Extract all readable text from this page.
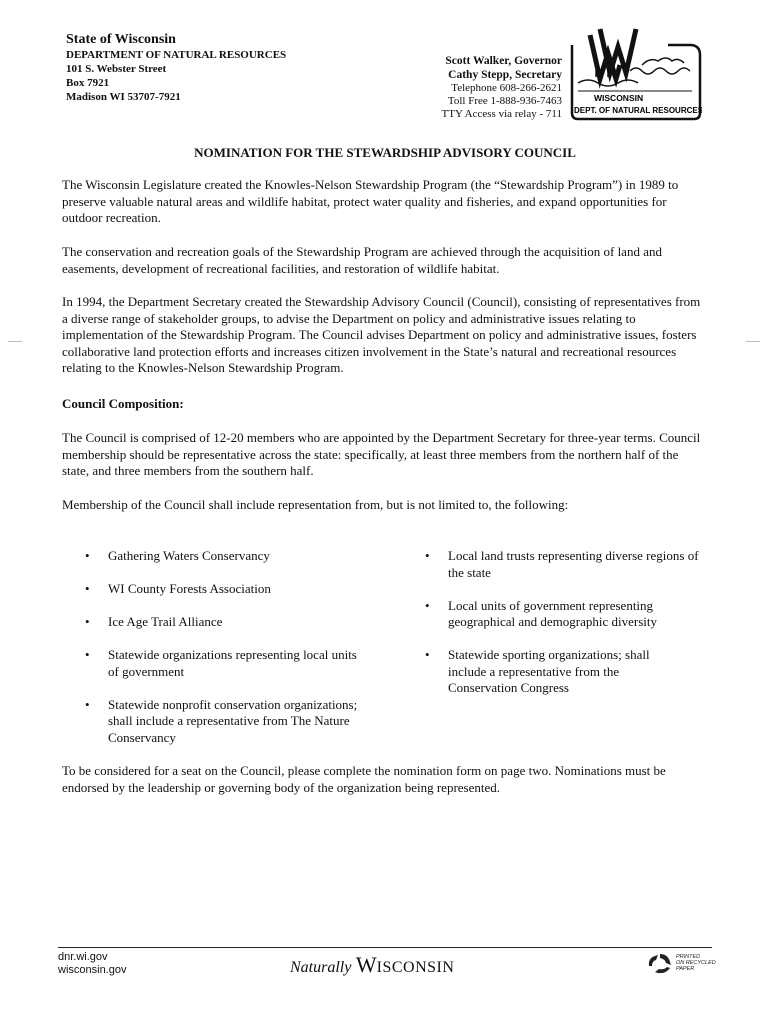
State of Wisconsin
DEPARTMENT OF NATURAL RESOURCES
101 S. Webster Street
Box 7921
Madison WI 53707-7921
Scott Walker, Governor
Cathy Stepp, Secretary
Telephone 608-266-2621
Toll Free 1-888-936-7463
TTY Access via relay - 711
WISCONSIN
DEPT. OF NATURAL RESOURCES
NOMINATION FOR THE STEWARDSHIP ADVISORY COUNCIL
The Wisconsin Legislature created the Knowles-Nelson Stewardship Program (the “Stewardship Program”) in 1989 to preserve valuable natural areas and wildlife habitat, protect water quality and fisheries, and expand opportunities for outdoor recreation.
The conservation and recreation goals of the Stewardship Program are achieved through the acquisition of land and easements, development of recreational facilities, and restoration of wildlife habitat.
In 1994, the Department Secretary created the Stewardship Advisory Council (Council), consisting of representatives from a diverse range of stakeholder groups, to advise the Department on policy and administrative issues relating to implementation of the Stewardship Program. The Council advises Department on policy and administrative issues, fosters collaborative land protection efforts and increases citizen involvement in the State’s natural and recreational resources relating to the Knowles-Nelson Stewardship Program.
Council Composition:
The Council is comprised of 12-20 members who are appointed by the Department Secretary for three-year terms. Council membership should be representative across the state: specifically, at least three members from the northern half of the state, and three members from the southern half.
Membership of the Council shall include representation from, but is not limited to, the following:
• Gathering Waters Conservancy
• WI County Forests Association
• Ice Age Trail Alliance
• Statewide organizations representing local units of government
• Statewide nonprofit conservation organizations; shall include a representative from The Nature Conservancy
• Local land trusts representing diverse regions of the state
• Local units of government representing geographical and demographic diversity
• Statewide sporting organizations; shall include a representative from the Conservation Congress
To be considered for a seat on the Council, please complete the nomination form on page two. Nominations must be endorsed by the leadership or governing body of the organization being represented.
dnr.wi.gov
wisconsin.gov	Naturally WISCONSIN
PRINTED
ON RECYCLED
PAPER
